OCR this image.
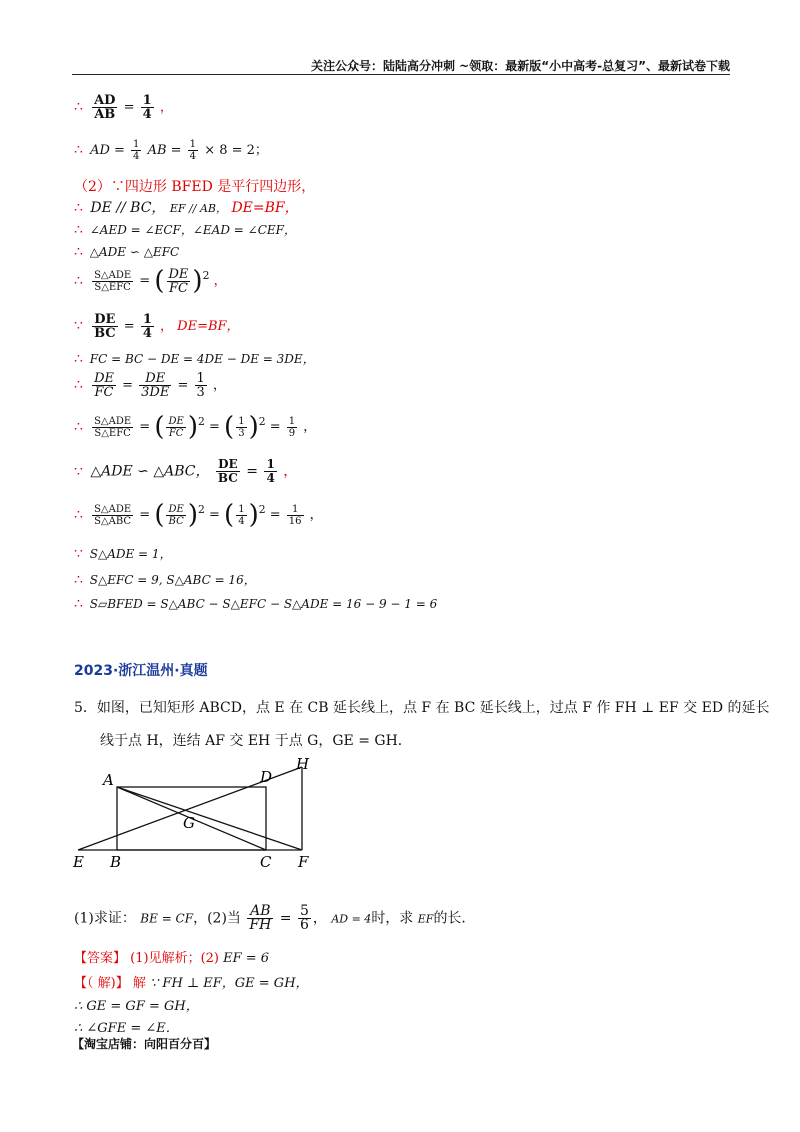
关注公众号：陆陆高分冲刺 ~领取：最新版“小中高考-总复习”、最新试卷下载
∴ $\frac{AD}{AB} = \frac{1}{4}$ ，
∴ AD = $\frac{1}{4}$ AB = $\frac{1}{4} \times 8 = 2$；
（2）∵四边形 BFED 是平行四边形，
∴ DE // BC， EF // AB， DE=BF，
∴ ∠AED = ∠ECF，∠EAD = ∠CEF，
∴ △ADE ∽ △EFC
∴ $\frac{\text{S△ADE}}{\text{S△EFC}}$ = ( $\frac{DE}{FC} )^2$ ，
∵ $\frac{DE}{BC} = \frac{1}{4}$ ， DE=BF，
∴ FC = BC − DE = 4DE − DE = 3DE，
∴ $\frac{DE}{FC} = \frac{DE}{3DE} = \frac{1}{3}$ ，
∴ $\frac{\text{S△ADE}}{\text{S△EFC}}$ = ( $\frac{DE}{FC} )^2$ = ( $\frac{1}{3} )^2 = \frac{1}{9}$ ，
∵ △ADE ∽ △ABC， $\frac{DE}{BC} = \frac{1}{4}$ ，
∴ $\frac{\text{S△ADE}}{\text{S△ABC}}$ = ( $\frac{DE}{BC} )^2$ = ( $\frac{1}{4} )^2 = \frac{1}{16}$ ，
∵ S△ADE = 1，
∴ S△EFC = 9, S△ABC = 16，
∴ S▱BFED = S△ABC − S△EFC − S△ADE = 16 − 9 − 1 = 6
2023·浙江温州·真题
5．如图，已知矩形 ABCD，点 E 在 CB 延长线上，点 F 在 BC 延长线上，过点 F 作 FH ⊥ EF 交 ED 的延长
线于点 H，连结 AF 交 EH 于点 G，GE = GH．
A	D
H
G
E B	C F
(1)求证： BE = CF，(2)当 $\frac{AB}{FH} = \frac{5}{6}$ ， AD = 4时，求 EF的长．
【答案】 (1)见解析；(2) EF = 6
【（ 解)】 解 ∵ FH ⊥ EF，GE = GH，
∴ GE = GF = GH，
∴ ∠GFE = ∠E．
【淘宝店铺：向阳百分百】
